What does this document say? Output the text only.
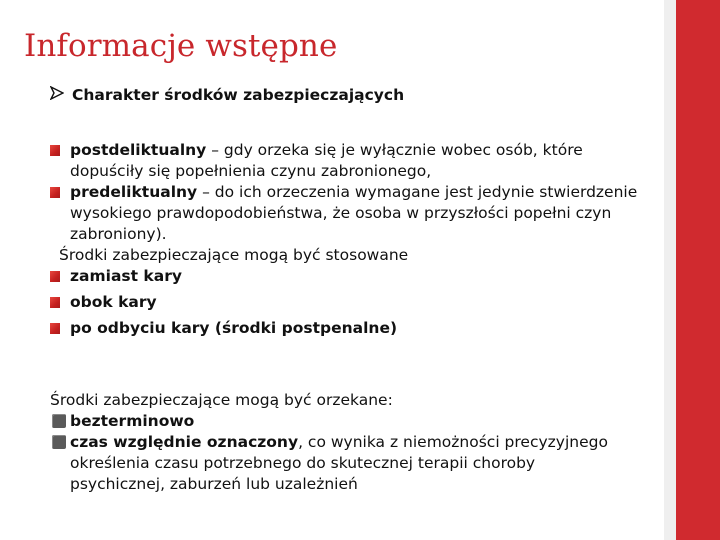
Informacje wstępne
Charakter środków zabezpieczających
postdeliktualny – gdy orzeka się je wyłącznie wobec osób, które
dopuściły się popełnienia czynu zabronionego,
predeliktualny – do ich orzeczenia wymagane jest jedynie stwierdzenie
wysokiego prawdopodobieństwa, że osoba w przyszłości popełni czyn
zabroniony).
Środki zabezpieczające mogą być stosowane
zamiast kary
obok kary
po odbyciu kary (środki postpenalne)
Środki zabezpieczające mogą być orzekane:
bezterminowo
czas względnie oznaczony, co wynika z niemożności precyzyjnego
określenia czasu potrzebnego do skutecznej terapii choroby
psychicznej, zaburzeń lub uzależnień
